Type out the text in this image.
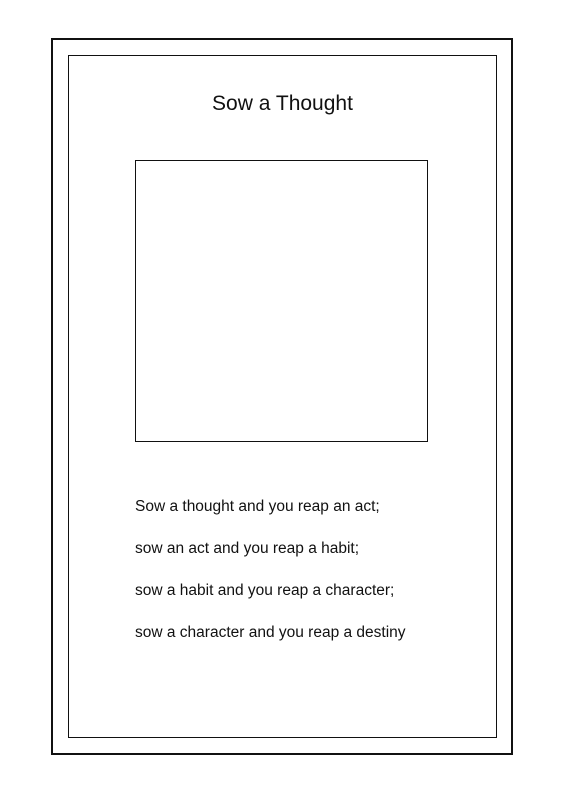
Sow a Thought
Sow a thought and you reap an act;
sow an act and you reap a habit;
sow a habit and you reap a character;
sow a character and you reap a destiny
